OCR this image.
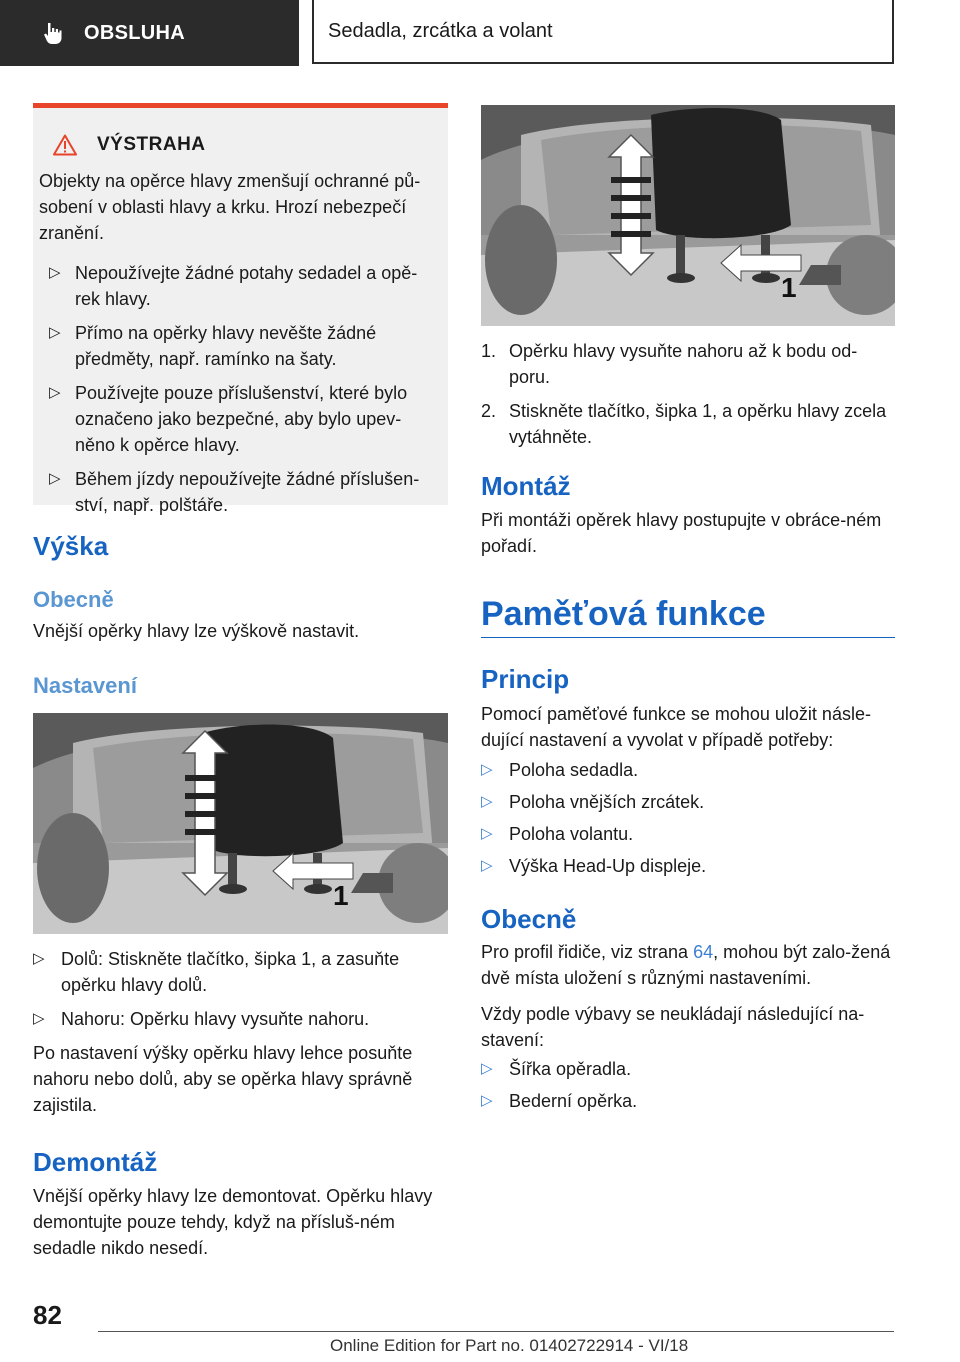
OBSLUHA	Sedadla, zrcátka a volant
VÝSTRAHA

Objekty na opěrce hlavy zmenšují ochranné pů-sobení v oblasti hlavy a krku. Hrozí nebezpečí zranění.

▷ Nepoužívejte žádné potahy sedadel a opě-rek hlavy.

▷ Přímo na opěrky hlavy nevěšte žádné předměty, např. ramínko na šaty.

▷ Používejte pouze příslušenství, které bylo označeno jako bezpečné, aby bylo upev-něno k opěrce hlavy.

▷ Během jízdy nepoužívejte žádné příslušen-ství, např. polštáře.

Výška
Obecně

Vnější opěrky hlavy lze výškově nastavit.

Nastavení
1
▷ Dolů: Stiskněte tlačítko, šipka 1, a zasuňte opěrku hlavy dolů.

▷ Nahoru: Opěrku hlavy vysuňte nahoru.

Po nastavení výšky opěrku hlavy lehce posuňte nahoru nebo dolů, aby se opěrka hlavy správně zajistila.

Demontáž

Vnější opěrky hlavy lze demontovat. Opěrku hlavy demontujte pouze tehdy, když na přísluš-ném sedadle nikdo nesedí.

1
1. Opěrku hlavy vysuňte nahoru až k bodu od-poru.

2. Stiskněte tlačítko, šipka 1, a opěrku hlavy zcela vytáhněte.

Montáž

Při montáži opěrek hlavy postupujte v obráce-ném pořadí.

Paměťová funkce
Princip

Pomocí paměťové funkce se mohou uložit násle-dující nastavení a vyvolat v případě potřeby:

▷ Poloha sedadla.

▷ Poloha vnějších zrcátek.

▷ Poloha volantu.

▷ Výška Head-Up displeje.

Obecně

Pro profil řidiče, viz strana 64, mohou být zalo-žená dvě místa uložení s různými nastaveními.

Vždy podle výbavy se neukládají následující na-stavení:

▷ Šířka opěradla.

▷ Bederní opěrka.

82
Online Edition for Part no. 01402722914 - VI/18
